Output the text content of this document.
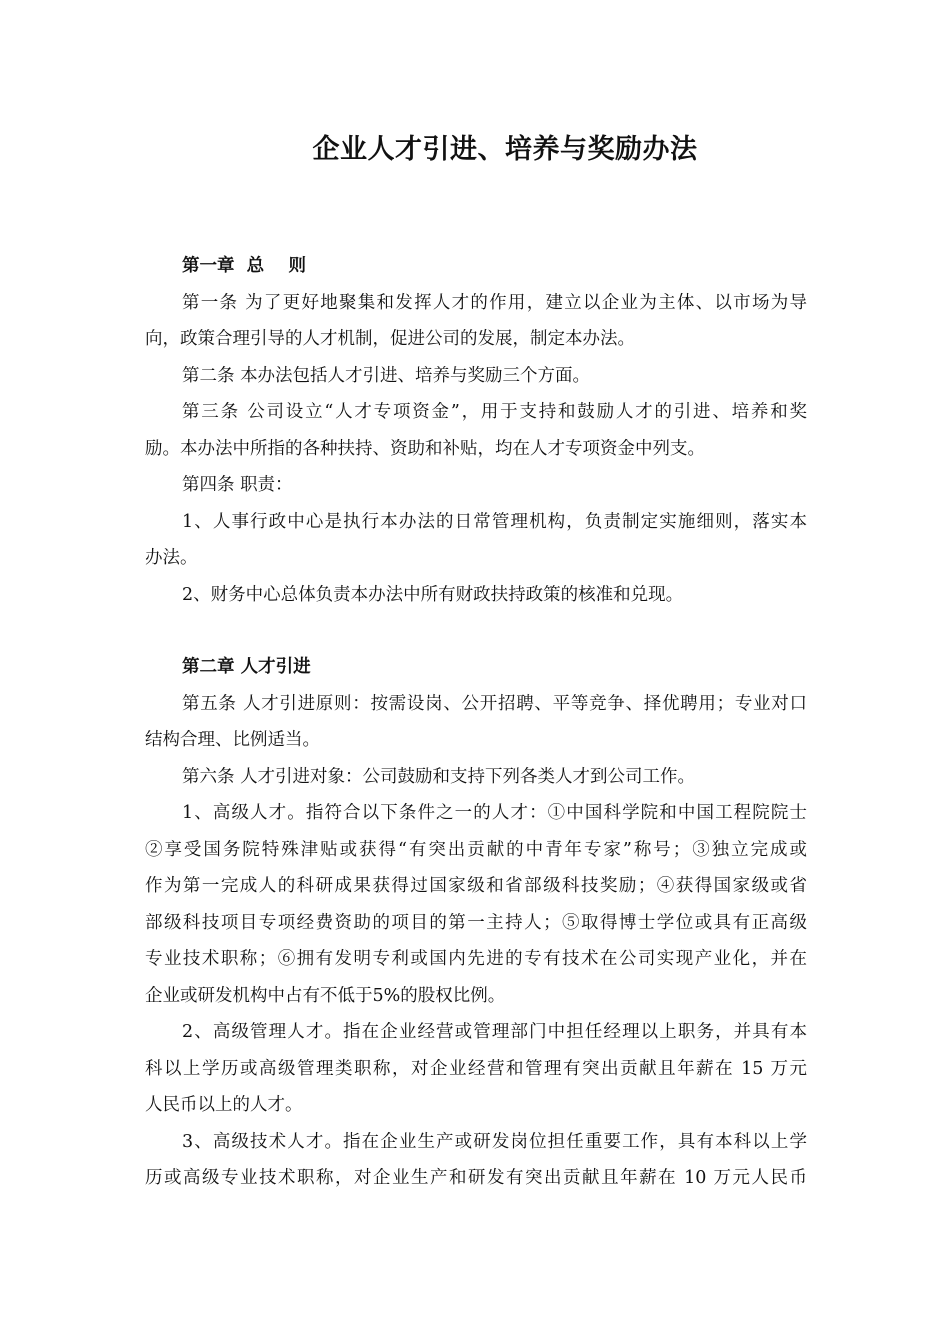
企业人才引进、培养与奖励办法
第一章  总    则
第一条 为了更好地聚集和发挥人才的作用，建立以企业为主体、以市场为导
向，政策合理引导的人才机制，促进公司的发展，制定本办法。
第二条 本办法包括人才引进、培养与奖励三个方面。
第三条 公司设立“人才专项资金”，用于支持和鼓励人才的引进、培养和奖
励。本办法中所指的各种扶持、资助和补贴，均在人才专项资金中列支。
第四条 职责：
1、人事行政中心是执行本办法的日常管理机构，负责制定实施细则，落实本
办法。
2、财务中心总体负责本办法中所有财政扶持政策的核准和兑现。
第二章 人才引进
第五条 人才引进原则：按需设岗、公开招聘、平等竞争、择优聘用；专业对口
结构合理、比例适当。
第六条 人才引进对象：公司鼓励和支持下列各类人才到公司工作。
1、高级人才。指符合以下条件之一的人才：①中国科学院和中国工程院院士
②享受国务院特殊津贴或获得“有突出贡献的中青年专家”称号；③独立完成或
作为第一完成人的科研成果获得过国家级和省部级科技奖励；④获得国家级或省
部级科技项目专项经费资助的项目的第一主持人；⑤取得博士学位或具有正高级
专业技术职称；⑥拥有发明专利或国内先进的专有技术在公司实现产业化，并在
企业或研发机构中占有不低于5%的股权比例。
2、高级管理人才。指在企业经营或管理部门中担任经理以上职务，并具有本
科以上学历或高级管理类职称，对企业经营和管理有突出贡献且年薪在 15 万元
人民币以上的人才。
3、高级技术人才。指在企业生产或研发岗位担任重要工作，具有本科以上学
历或高级专业技术职称，对企业生产和研发有突出贡献且年薪在 10 万元人民币
